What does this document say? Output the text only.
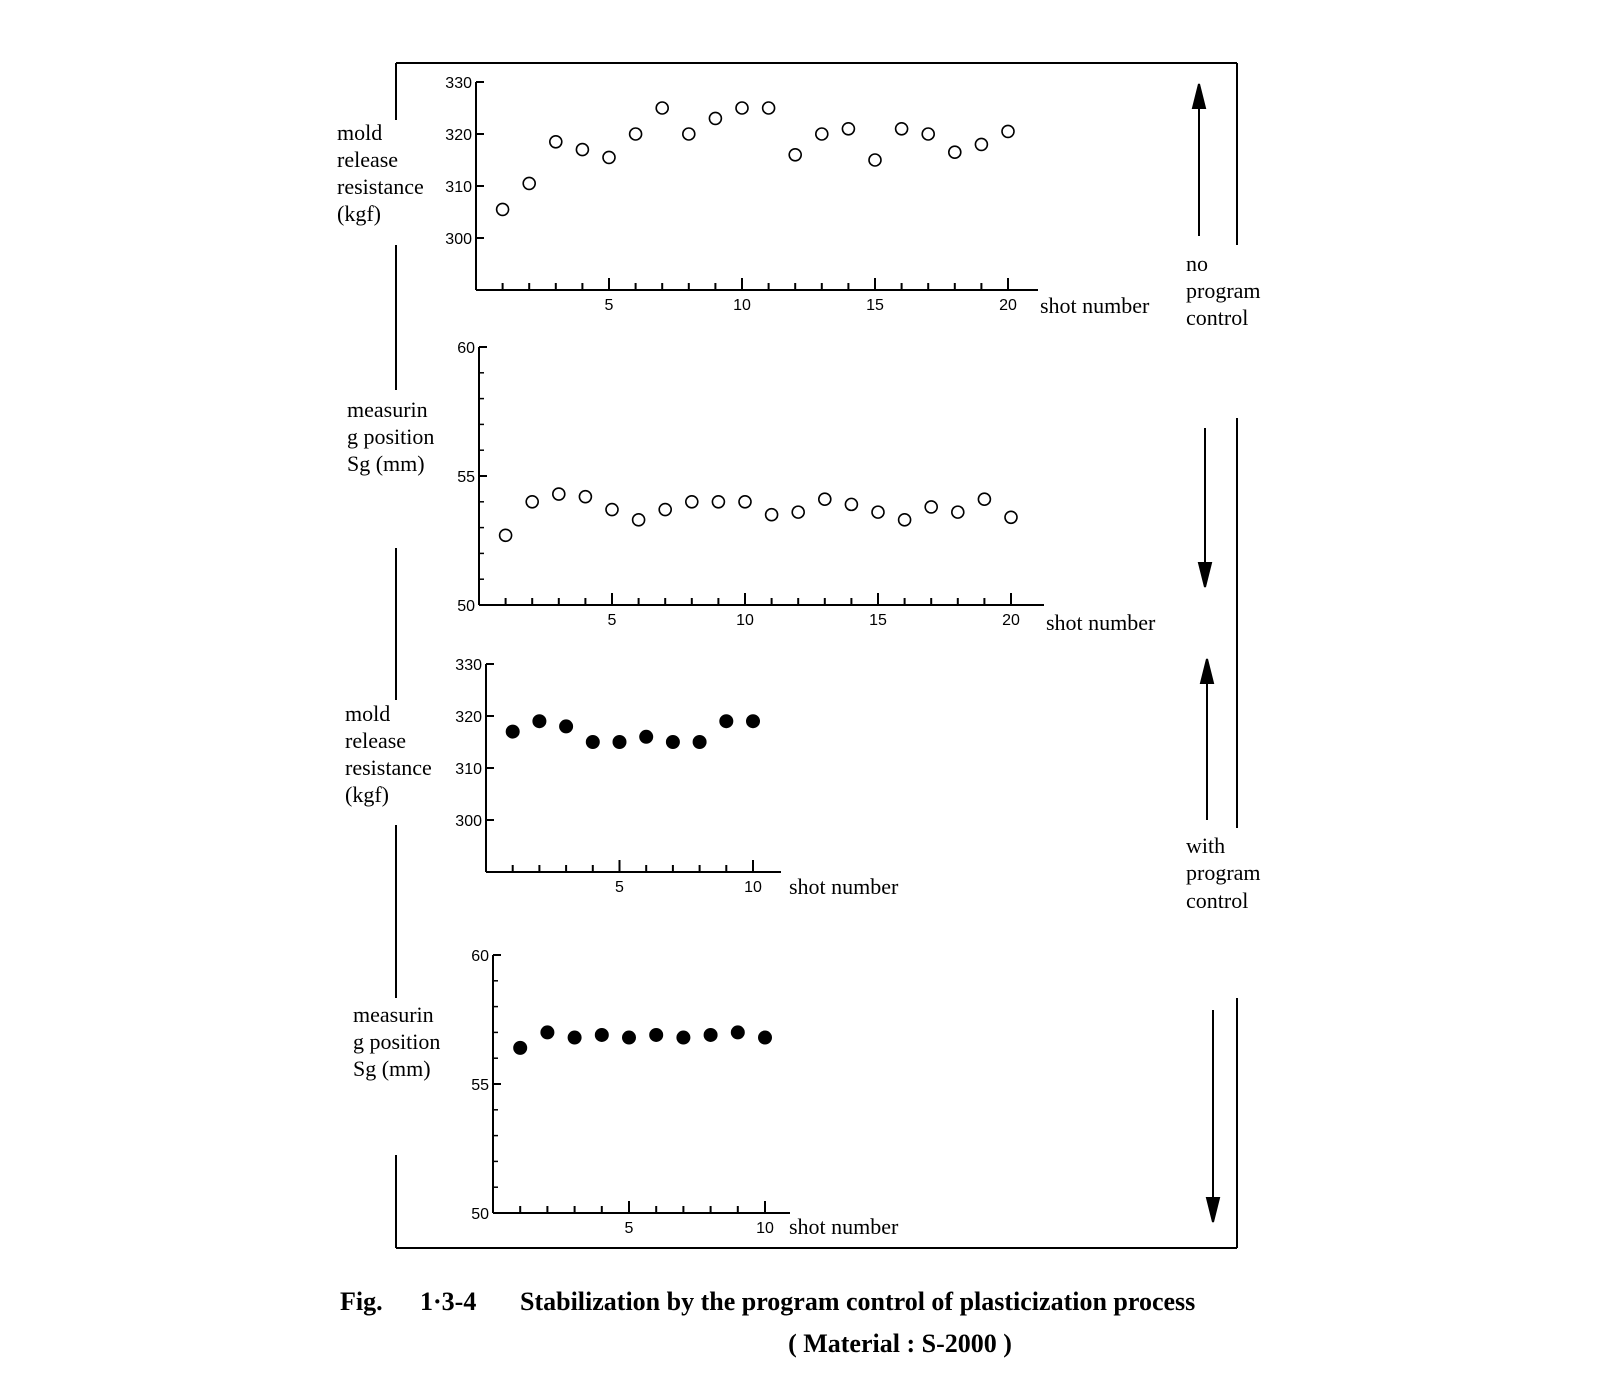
no
program
control
with
program
control
mold
release
resistance
(kgf)
300
310
320
330
5	10	15	20 shot number
measurin
g position
Sg (mm)
50
55
60
5	10	15	20 shot number
mold
release
resistance
(kgf)
300
310
320
330
5	10 shot number
measurin
g position
Sg (mm)
50
55
60
5	10 shot number
Fig. 1·3-4 Stabilization by the program control of plasticization process
( Material : S-2000 )
